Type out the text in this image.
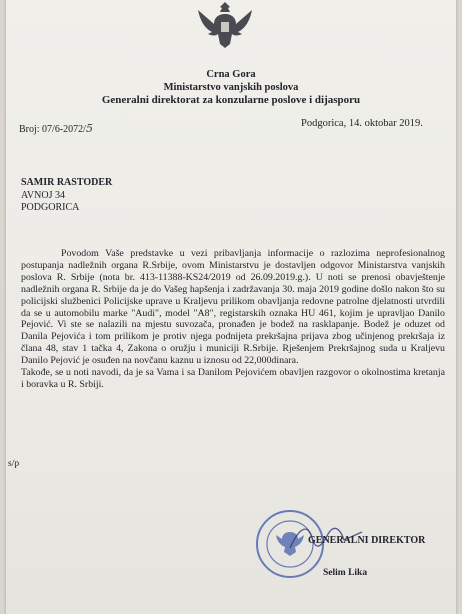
Crna Gora
Ministarstvo vanjskih poslova
Generalni direktorat za konzularne poslove i dijasporu
Broj: 07/6-2072/5	Podgorica, 14. oktobar 2019.
SAMIR RASTODER
AVNOJ 34
PODGORICA

Povodom Vaše predstavke u vezi pribavljanja informacije o razlozima neprofesionalnog postupanja nadležnih organa R.Srbije, ovom Ministarstvu je dostavljen odgovor Ministarstva vanjskih poslova R. Srbije (nota br. 413-11388-KS24/2019 od 26.09.2019.g.). U noti se prenosi obavještenje nadležnih organa R. Srbije da je do Vašeg hapšenja i zadržavanja 30. maja 2019 godine došlo nakon što su policijski službenici Policijske uprave u Kraljevu prilikom obavljanja redovne patrolne djelatnosti utvrdili da se u automobilu marke "Audi", model "A8", registarskih oznaka HU 461, kojim je upravljao Danilo Pejović. Vi ste se nalazili na mjestu suvozača, pronađen je bodež na rasklapanje. Bodež je oduzet od Danila Pejovića i tom prilikom je protiv njega podnijeta prekršajna prijava zbog učinjenog prekršaja iz člana 48, stav 1 tačka 4, Zakona o oružju i municiji R.Srbije. Rješenjem Prekršajnog suda u Kraljevu Danilo Pejović je osuđen na novčanu kaznu u iznosu od 22,000dinara.

Takođe, se u noti navodi, da je sa Vama i sa Danilom Pejovićem obavljen razgovor o okolnostima kretanja i boravka u R. Srbiji.

s/p
GENERALNI DIREKTOR
Selim Lika
